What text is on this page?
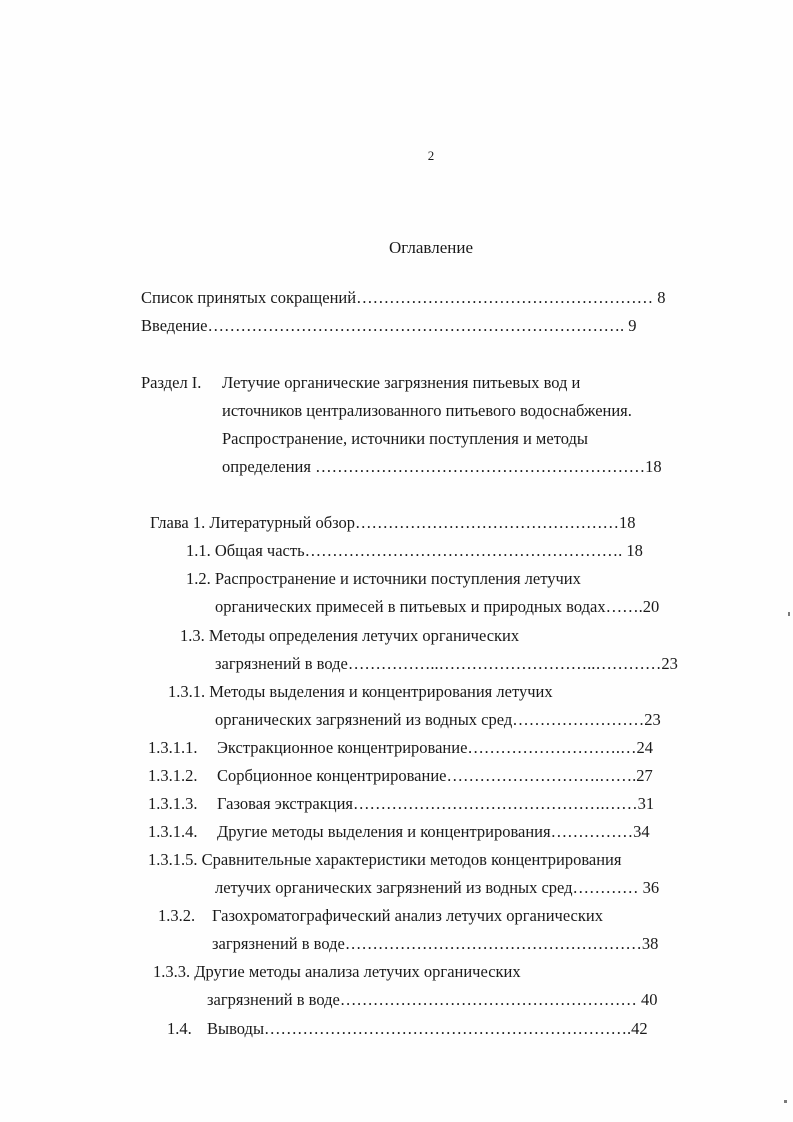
2
Оглавление
Список принятых сокращений……………………………………………… 8
Введение…………………………………………………………………. 9
Раздел I. Летучие органические загрязнения питьевых вод и
источников централизованного питьевого водоснабжения.
Распространение, источники поступления и методы
определения ……………………………………………………18
Глава 1. Литературный обзор…………………………………………18
1.1. Общая часть…………………………………………………. 18
1.2. Распространение и источники поступления летучих
органических примесей в питьевых и природных водах…….20
1.3. Методы определения летучих органических
загрязнений в воде……………..………………………..…………23
1.3.1. Методы выделения и концентрирования летучих
органических загрязнений из водных сред……………………23
1.3.1.1. Экстракционное концентрирование……………………….…24
1.3.1.2. Сорбционное концентрирование……………………….…….27
1.3.1.3. Газовая экстракция……………………………………….……31
1.3.1.4. Другие методы выделения и концентрирования……………34
1.3.1.5. Сравнительные характеристики методов концентрирования
летучих органических загрязнений из водных сред………… 36
1.3.2. Газохроматографический анализ летучих органических
загрязнений в воде………………………………………………38
1.3.3. Другие методы анализа летучих органических
загрязнений в воде……………………………………………… 40
1.4. Выводы………………………………………………………….42
